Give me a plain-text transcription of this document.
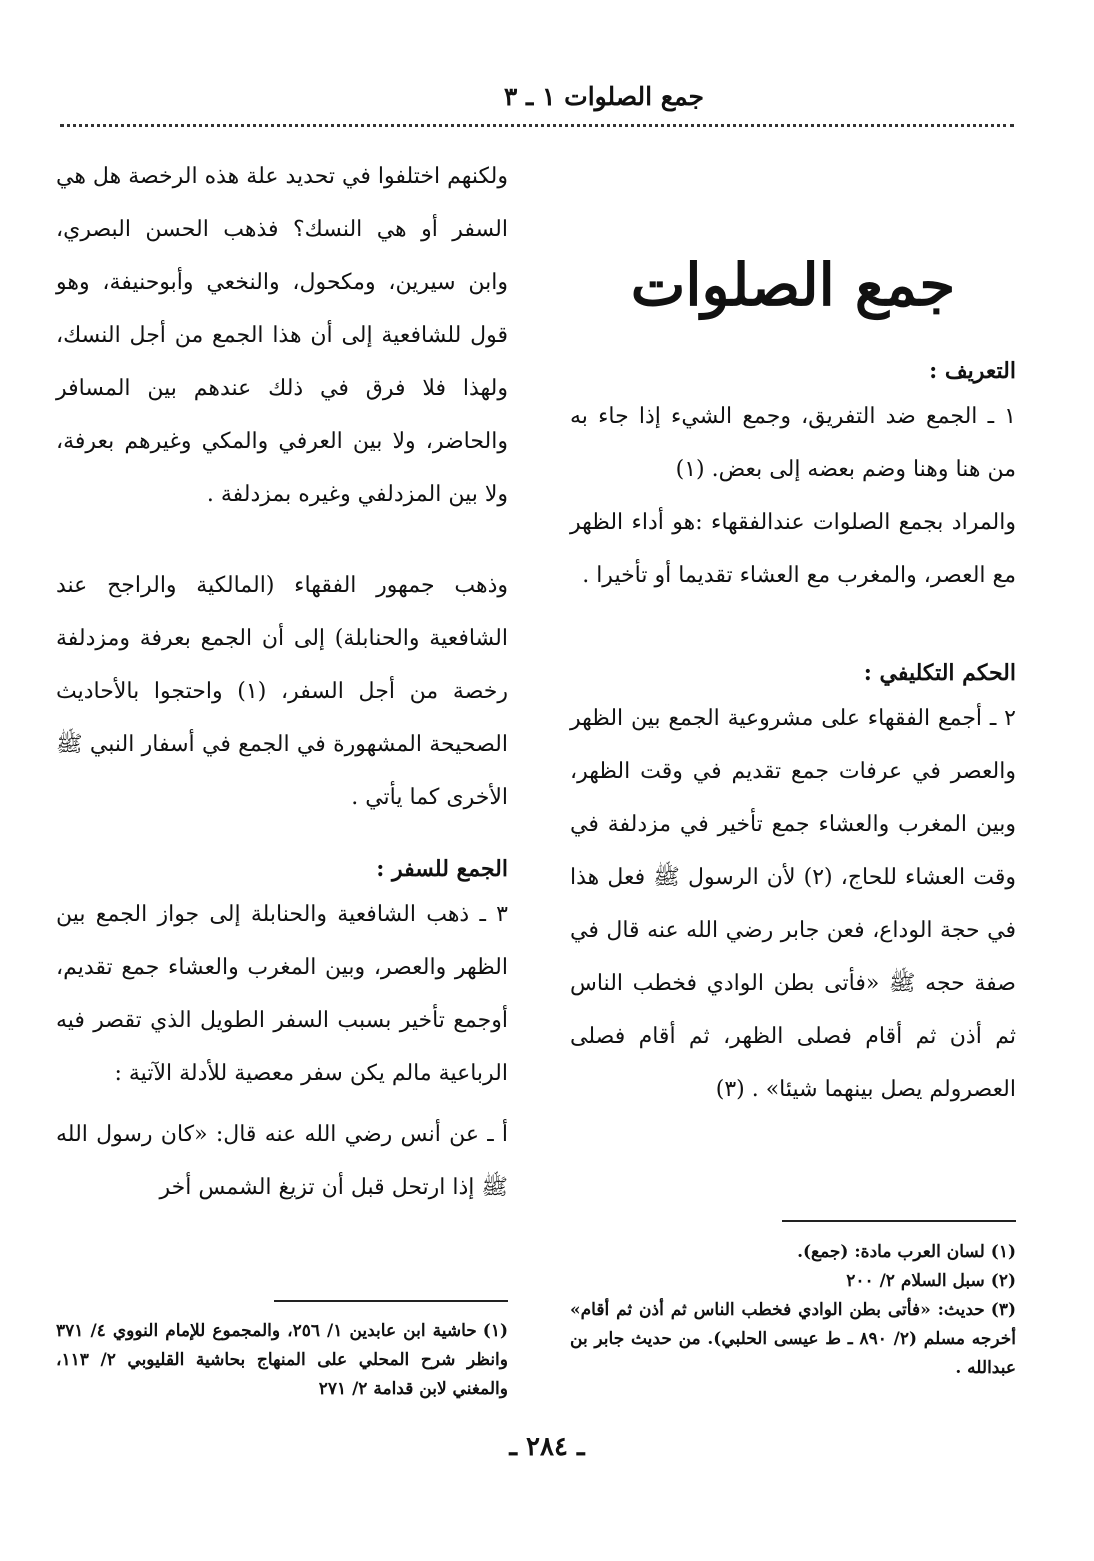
جمع الصلوات ١ ـ ٣
جمع الصلوات

التعريف :

١ ـ الجمع ضد التفريق، وجمع الشيء إذا جاء به من هنا وهنا وضم بعضه إلى بعض. (١)

والمراد بجمع الصلوات عندالفقهاء :هو أداء الظهر مع العصر، والمغرب مع العشاء تقديما أو تأخيرا .

الحكم التكليفي :

٢ ـ أجمع الفقهاء على مشروعية الجمع بين الظهر والعصر في عرفات جمع تقديم في وقت الظهر، وبين المغرب والعشاء جمع تأخير في مزدلفة في وقت العشاء للحاج، (٢) لأن الرسول ﷺ فعل هذا في حجة الوداع، فعن جابر رضي الله عنه قال في صفة حجه ﷺ «فأتى بطن الوادي فخطب الناس ثم أذن ثم أقام فصلى الظهر، ثم أقام فصلى العصرولم يصل بينهما شيئا» . (٣)

ولكنهم اختلفوا في تحديد علة هذه الرخصة هل هي السفر أو هي النسك؟ فذهب الحسن البصري، وابن سيرين، ومكحول، والنخعي وأبوحنيفة، وهو قول للشافعية إلى أن هذا الجمع من أجل النسك، ولهذا فلا فرق في ذلك عندهم بين المسافر والحاضر، ولا بين العرفي والمكي وغيرهم بعرفة، ولا بين المزدلفي وغيره بمزدلفة .

وذهب جمهور الفقهاء (المالكية والراجح عند الشافعية والحنابلة) إلى أن الجمع بعرفة ومزدلفة رخصة من أجل السفر، (١) واحتجوا بالأحاديث الصحيحة المشهورة في الجمع في أسفار النبي ﷺ الأخرى كما يأتي .

الجمع للسفر :

٣ ـ ذهب الشافعية والحنابلة إلى جواز الجمع بين الظهر والعصر، وبين المغرب والعشاء جمع تقديم، أوجمع تأخير بسبب السفر الطويل الذي تقصر فيه الرباعية مالم يكن سفر معصية للأدلة الآتية :

أ ـ عن أنس رضي الله عنه قال: «كان رسول الله ﷺ إذا ارتحل قبل أن تزيغ الشمس أخر

(١)لسان العرب مادة: (جمع).
(٢)سبل السلام ٢/ ٢٠٠
(٣)حديث: «فأتى بطن الوادي فخطب الناس ثم أذن ثم أقام» أخرجه مسلم (٢/ ٨٩٠ ـ ط عيسى الحلبي). من حديث جابر بن عبدالله .
(١)حاشية ابن عابدين ١/ ٢٥٦، والمجموع للإمام النووي ٤/ ٣٧١ وانظر شرح المحلي على المنهاج بحاشية القليوبي ٢/ ١١٣، والمغني لابن قدامة ٢/ ٢٧١
ـ ٢٨٤ ـ
